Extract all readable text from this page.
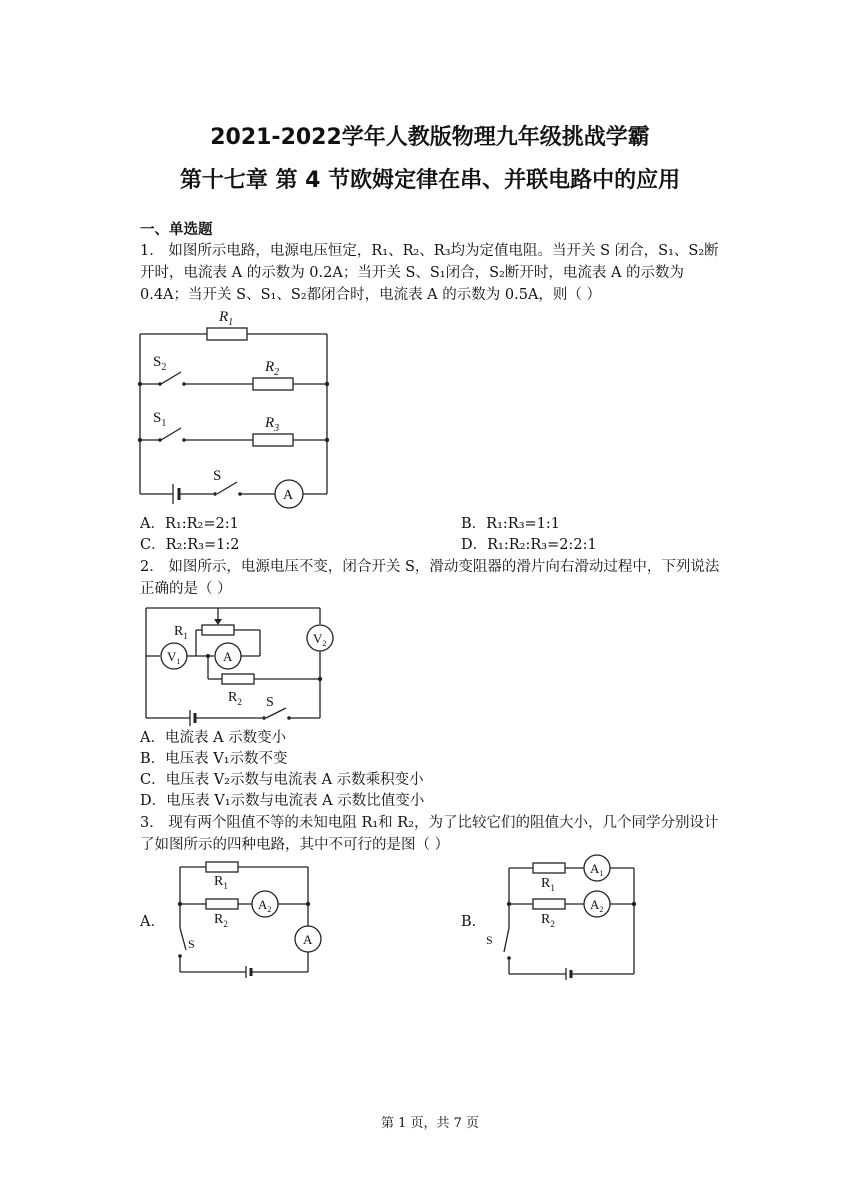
2021-2022学年人教版物理九年级挑战学霸
第十七章 第 4 节欧姆定律在串、并联电路中的应用
一、单选题
1． 如图所示电路，电源电压恒定，R₁、R₂、R₃均为定值电阻。当开关 S 闭合，S₁、S₂断开时，电流表 A 的示数为 0.2A；当开关 S、S₁闭合，S₂断开时，电流表 A 的示数为 0.4A；当开关 S、S₁、S₂都闭合时，电流表 A 的示数为 0.5A，则（ ）
$R_1$
$R_2$
$R_3$
$S_2$
$S_1$
S
A
A．R₁:R₂=2:1	B．R₁:R₃=1:1
C．R₂:R₃=1:2	D．R₁:R₂:R₃=2:2:1
2． 如图所示，电源电压不变，闭合开关 S，滑动变阻器的滑片向右滑动过程中，下列说法正确的是（ ）
$R_1$
$R_2$
$V_1$
$V_2$
A
S
A．电流表 A 示数变小
B．电压表 V₁示数不变
C．电压表 V₂示数与电流表 A 示数乘积变小
D．电压表 V₁示数与电流表 A 示数比值变小
3． 现有两个阻值不等的未知电阻 R₁和 R₂，为了比较它们的阻值大小，几个同学分别设计了如图所示的四种电路，其中不可行的是图（ ）
A．
$R_1$
$R_2$
$A_2$
A
S
B．
$R_1$
$R_2$
$A_1$
$A_2$
S
第 1 页，共 7 页
